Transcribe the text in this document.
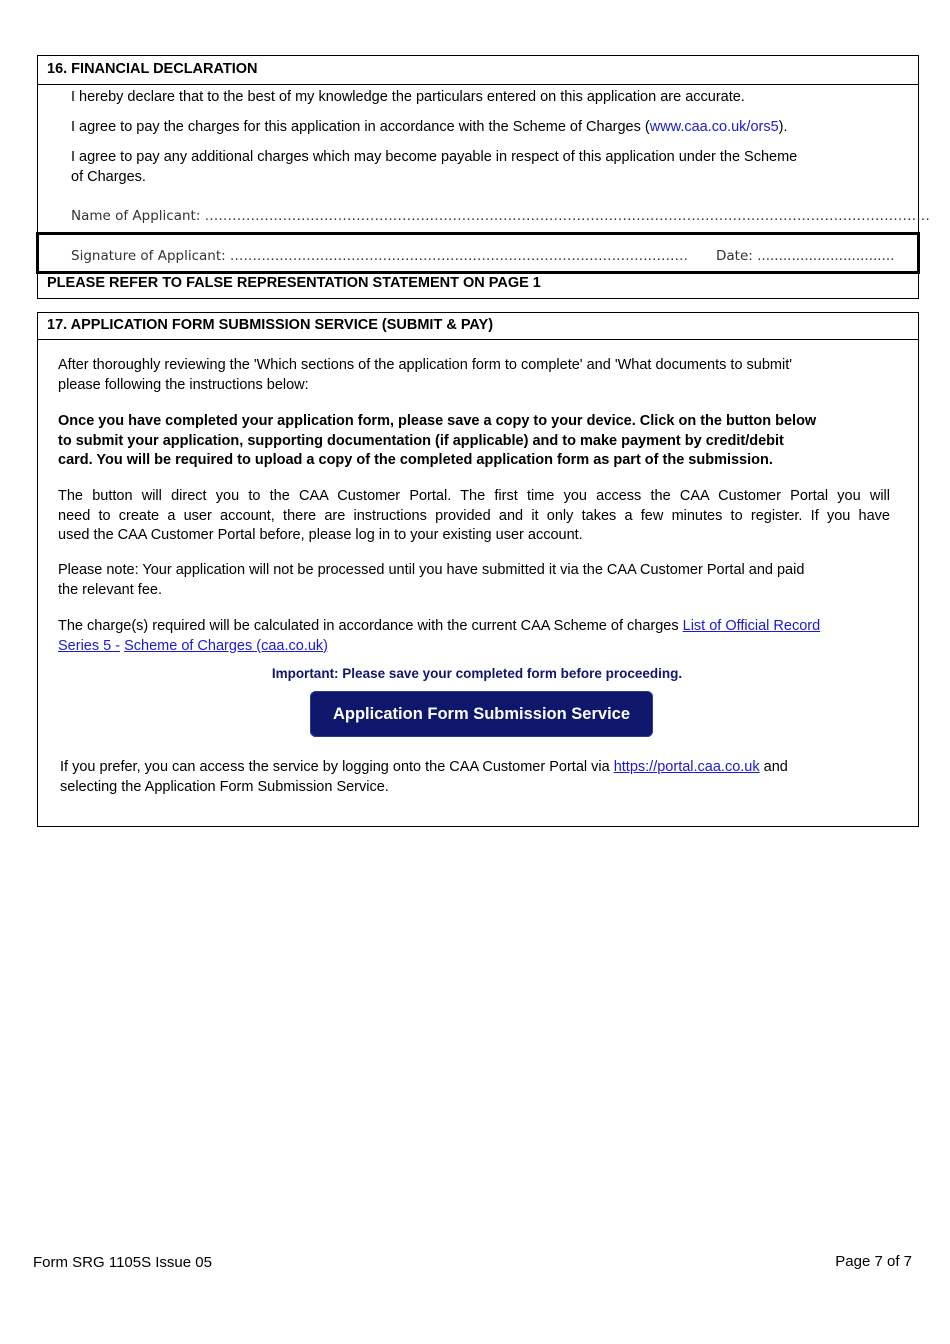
16. FINANCIAL DECLARATION
I hereby declare that to the best of my knowledge the particulars entered on this application are accurate.
I agree to pay the charges for this application in accordance with the Scheme of Charges (www.caa.co.uk/ors5).
I agree to pay any additional charges which may become payable in respect of this application under the Scheme
of Charges.
Name of Applicant: ..............................................................................................................................................................
Signature of Applicant: ...................................................................................................... Date: ................................
PLEASE REFER TO FALSE REPRESENTATION STATEMENT ON PAGE 1
17. APPLICATION FORM SUBMISSION SERVICE (SUBMIT & PAY)
After thoroughly reviewing the 'Which sections of the application form to complete' and 'What documents to submit'
please following the instructions below:
Once you have completed your application form, please save a copy to your device. Click on the button below
to submit your application, supporting documentation (if applicable) and to make payment by credit/debit
card. You will be required to upload a copy of the completed application form as part of the submission.
The button will direct you to the CAA Customer Portal. The first time you access the CAA Customer Portal you will
need to create a user account, there are instructions provided and it only takes a few minutes to register. If you have
used the CAA Customer Portal before, please log in to your existing user account.
Please note: Your application will not be processed until you have submitted it via the CAA Customer Portal and paid
the relevant fee.
The charge(s) required will be calculated in accordance with the current CAA Scheme of charges List of Official Record
Series 5 - Scheme of Charges (caa.co.uk)
Important: Please save your completed form before proceeding.
Application Form Submission Service
If you prefer, you can access the service by logging onto the CAA Customer Portal via https://portal.caa.co.uk and
selecting the Application Form Submission Service.
Form SRG 1105S Issue 05	Page 7 of 7
